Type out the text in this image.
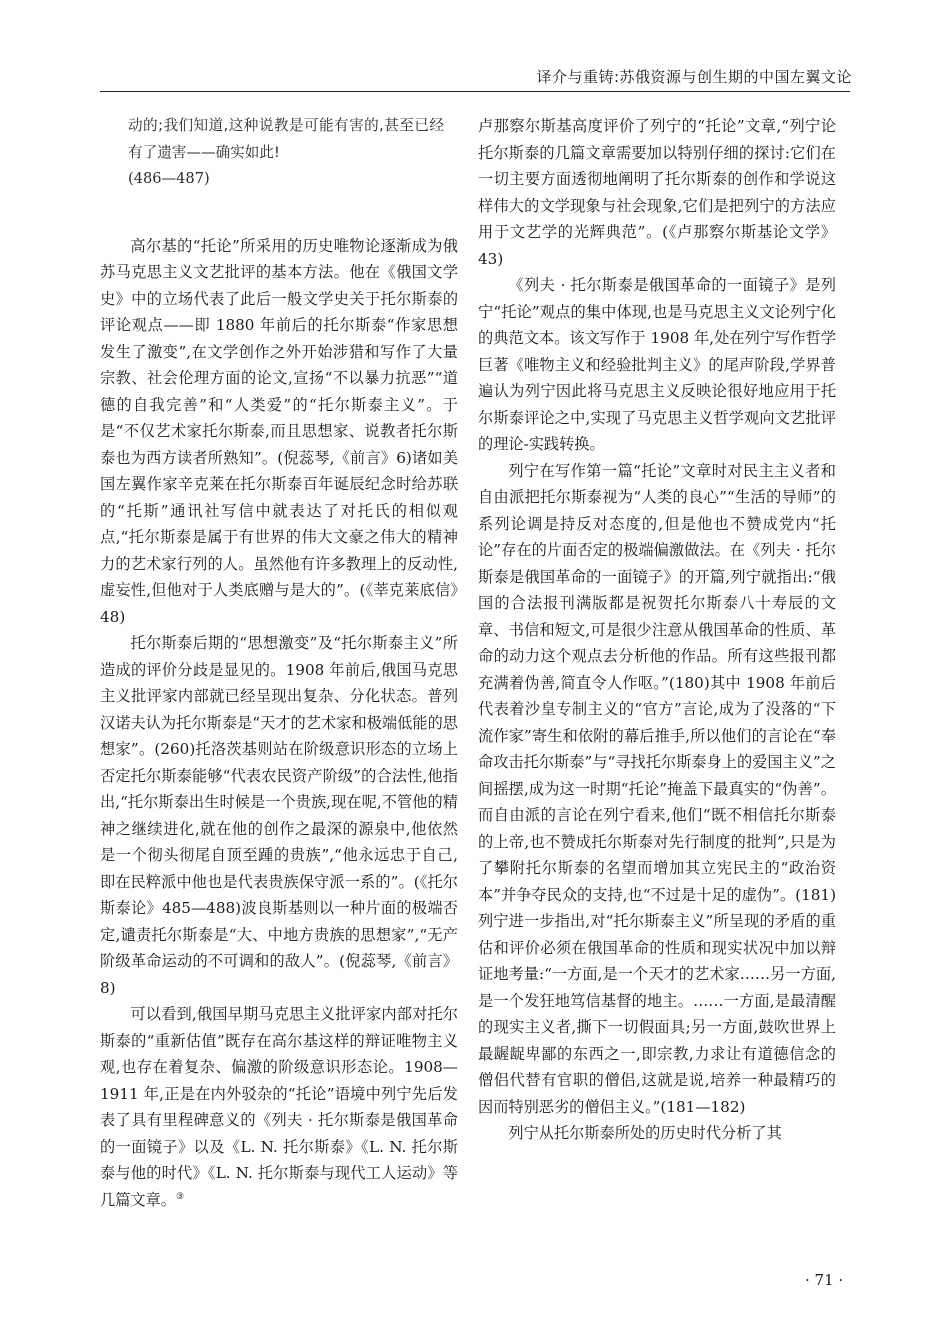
译介与重铸:苏俄资源与创生期的中国左翼文论
动的;我们知道,这种说教是可能有害的,甚至已经有了遗害——确实如此!
(486—487)

高尔基的“托论”所采用的历史唯物论逐渐成为俄苏马克思主义文艺批评的基本方法。他在《俄国文学史》中的立场代表了此后一般文学史关于托尔斯泰的评论观点——即 1880 年前后的托尔斯泰“作家思想发生了激变”,在文学创作之外开始涉猎和写作了大量宗教、社会伦理方面的论文,宣扬“不以暴力抗恶”“道德的自我完善”和“人类爱”的“托尔斯泰主义”。于是“不仅艺术家托尔斯泰,而且思想家、说教者托尔斯泰也为西方读者所熟知”。(倪蕊琴,《前言》6)诸如美国左翼作家辛克莱在托尔斯泰百年诞辰纪念时给苏联的“托斯”通讯社写信中就表达了对托氏的相似观点,“托尔斯泰是属于有世界的伟大文豪之伟大的精神力的艺术家行列的人。虽然他有许多教理上的反动性,虚妄性,但他对于人类底赠与是大的”。(《莘克莱底信》48)

托尔斯泰后期的“思想激变”及“托尔斯泰主义”所造成的评价分歧是显见的。1908 年前后,俄国马克思主义批评家内部就已经呈现出复杂、分化状态。普列汉诺夫认为托尔斯泰是“天才的艺术家和极端低能的思想家”。(260)托洛茨基则站在阶级意识形态的立场上否定托尔斯泰能够“代表农民资产阶级”的合法性,他指出,“托尔斯泰出生时候是一个贵族,现在呢,不管他的精神之继续进化,就在他的创作之最深的源泉中,他依然是一个彻头彻尾自顶至踵的贵族”,“他永远忠于自己,即在民粹派中他也是代表贵族保守派一系的”。(《托尔斯泰论》485—488)波良斯基则以一种片面的极端否定,谴责托尔斯泰是“大、中地方贵族的思想家”,“无产阶级革命运动的不可调和的敌人”。(倪蕊琴,《前言》8)

可以看到,俄国早期马克思主义批评家内部对托尔斯泰的“重新估值”既存在高尔基这样的辩证唯物主义观,也存在着复杂、偏激的阶级意识形态论。1908—1911 年,正是在内外驳杂的“托论”语境中列宁先后发表了具有里程碑意义的《列夫 · 托尔斯泰是俄国革命的一面镜子》以及《L. N. 托尔斯泰》《L. N. 托尔斯泰与他的时代》《L. N. 托尔斯泰与现代工人运动》等几篇文章。③

卢那察尔斯基高度评价了列宁的“托论”文章,“列宁论托尔斯泰的几篇文章需要加以特别仔细的探讨:它们在一切主要方面透彻地阐明了托尔斯泰的创作和学说这样伟大的文学现象与社会现象,它们是把列宁的方法应用于文艺学的光辉典范”。(《卢那察尔斯基论文学》43)

《列夫 · 托尔斯泰是俄国革命的一面镜子》是列宁“托论”观点的集中体现,也是马克思主义文论列宁化的典范文本。该文写作于 1908 年,处在列宁写作哲学巨著《唯物主义和经验批判主义》的尾声阶段,学界普遍认为列宁因此将马克思主义反映论很好地应用于托尔斯泰评论之中,实现了马克思主义哲学观向文艺批评的理论-实践转换。

列宁在写作第一篇“托论”文章时对民主主义者和自由派把托尔斯泰视为“人类的良心”“生活的导师”的系列论调是持反对态度的,但是他也不赞成党内“托论”存在的片面否定的极端偏激做法。在《列夫 · 托尔斯泰是俄国革命的一面镜子》的开篇,列宁就指出:“俄国的合法报刊满版都是祝贺托尔斯泰八十寿辰的文章、书信和短文,可是很少注意从俄国革命的性质、革命的动力这个观点去分析他的作品。所有这些报刊都充满着伪善,简直令人作呕。”(180)其中 1908 年前后代表着沙皇专制主义的“官方”言论,成为了没落的“下流作家”寄生和依附的幕后推手,所以他们的言论在“奉命攻击托尔斯泰”与“寻找托尔斯泰身上的爱国主义”之间摇摆,成为这一时期“托论”掩盖下最真实的“伪善”。而自由派的言论在列宁看来,他们“既不相信托尔斯泰的上帝,也不赞成托尔斯泰对先行制度的批判”,只是为了攀附托尔斯泰的名望而增加其立宪民主的“政治资本”并争夺民众的支持,也“不过是十足的虚伪”。(181)列宁进一步指出,对“托尔斯泰主义”所呈现的矛盾的重估和评价必须在俄国革命的性质和现实状况中加以辩证地考量:“一方面,是一个天才的艺术家……另一方面,是一个发狂地笃信基督的地主。……一方面,是最清醒的现实主义者,撕下一切假面具;另一方面,鼓吹世界上最龌龊卑鄙的东西之一,即宗教,力求让有道德信念的僧侣代替有官职的僧侣,这就是说,培养一种最精巧的因而特别恶劣的僧侣主义。”(181—182)

列宁从托尔斯泰所处的历史时代分析了其

· 71 ·
